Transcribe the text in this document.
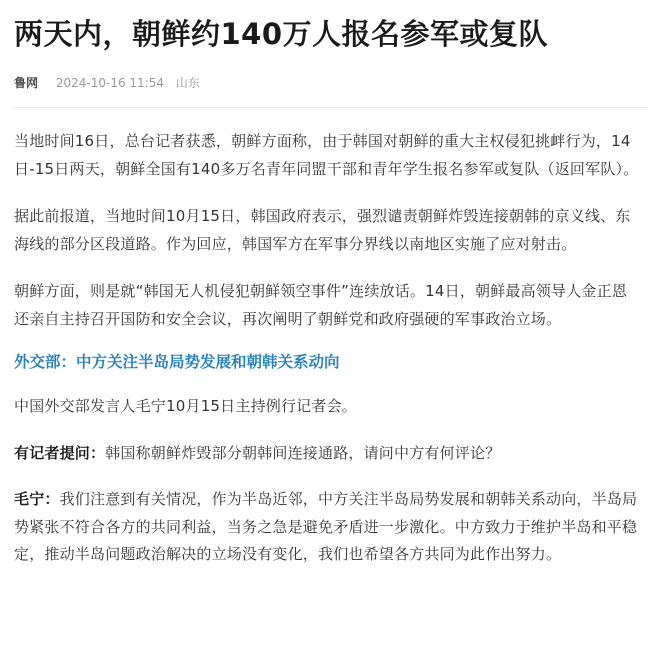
两天内，朝鲜约140万人报名参军或复队
鲁网 2024-10-16 11:54 山东

当地时间16日，总台记者获悉，朝鲜方面称，由于韩国对朝鲜的重大主权侵犯挑衅行为，14日-15日两天，朝鲜全国有140多万名青年同盟干部和青年学生报名参军或复队（返回军队）。

据此前报道，当地时间10月15日，韩国政府表示，强烈谴责朝鲜炸毁连接朝韩的京义线、东海线的部分区段道路。作为回应，韩国军方在军事分界线以南地区实施了应对射击。

朝鲜方面，则是就“韩国无人机侵犯朝鲜领空事件”连续放话。14日，朝鲜最高领导人金正恩还亲自主持召开国防和安全会议，再次阐明了朝鲜党和政府强硬的军事政治立场。

外交部：中方关注半岛局势发展和朝韩关系动向

中国外交部发言人毛宁10月15日主持例行记者会。

有记者提问：韩国称朝鲜炸毁部分朝韩间连接通路，请问中方有何评论？

毛宁：我们注意到有关情况，作为半岛近邻，中方关注半岛局势发展和朝韩关系动向，半岛局势紧张不符合各方的共同利益，当务之急是避免矛盾进一步激化。中方致力于维护半岛和平稳定，推动半岛问题政治解决的立场没有变化，我们也希望各方共同为此作出努力。
